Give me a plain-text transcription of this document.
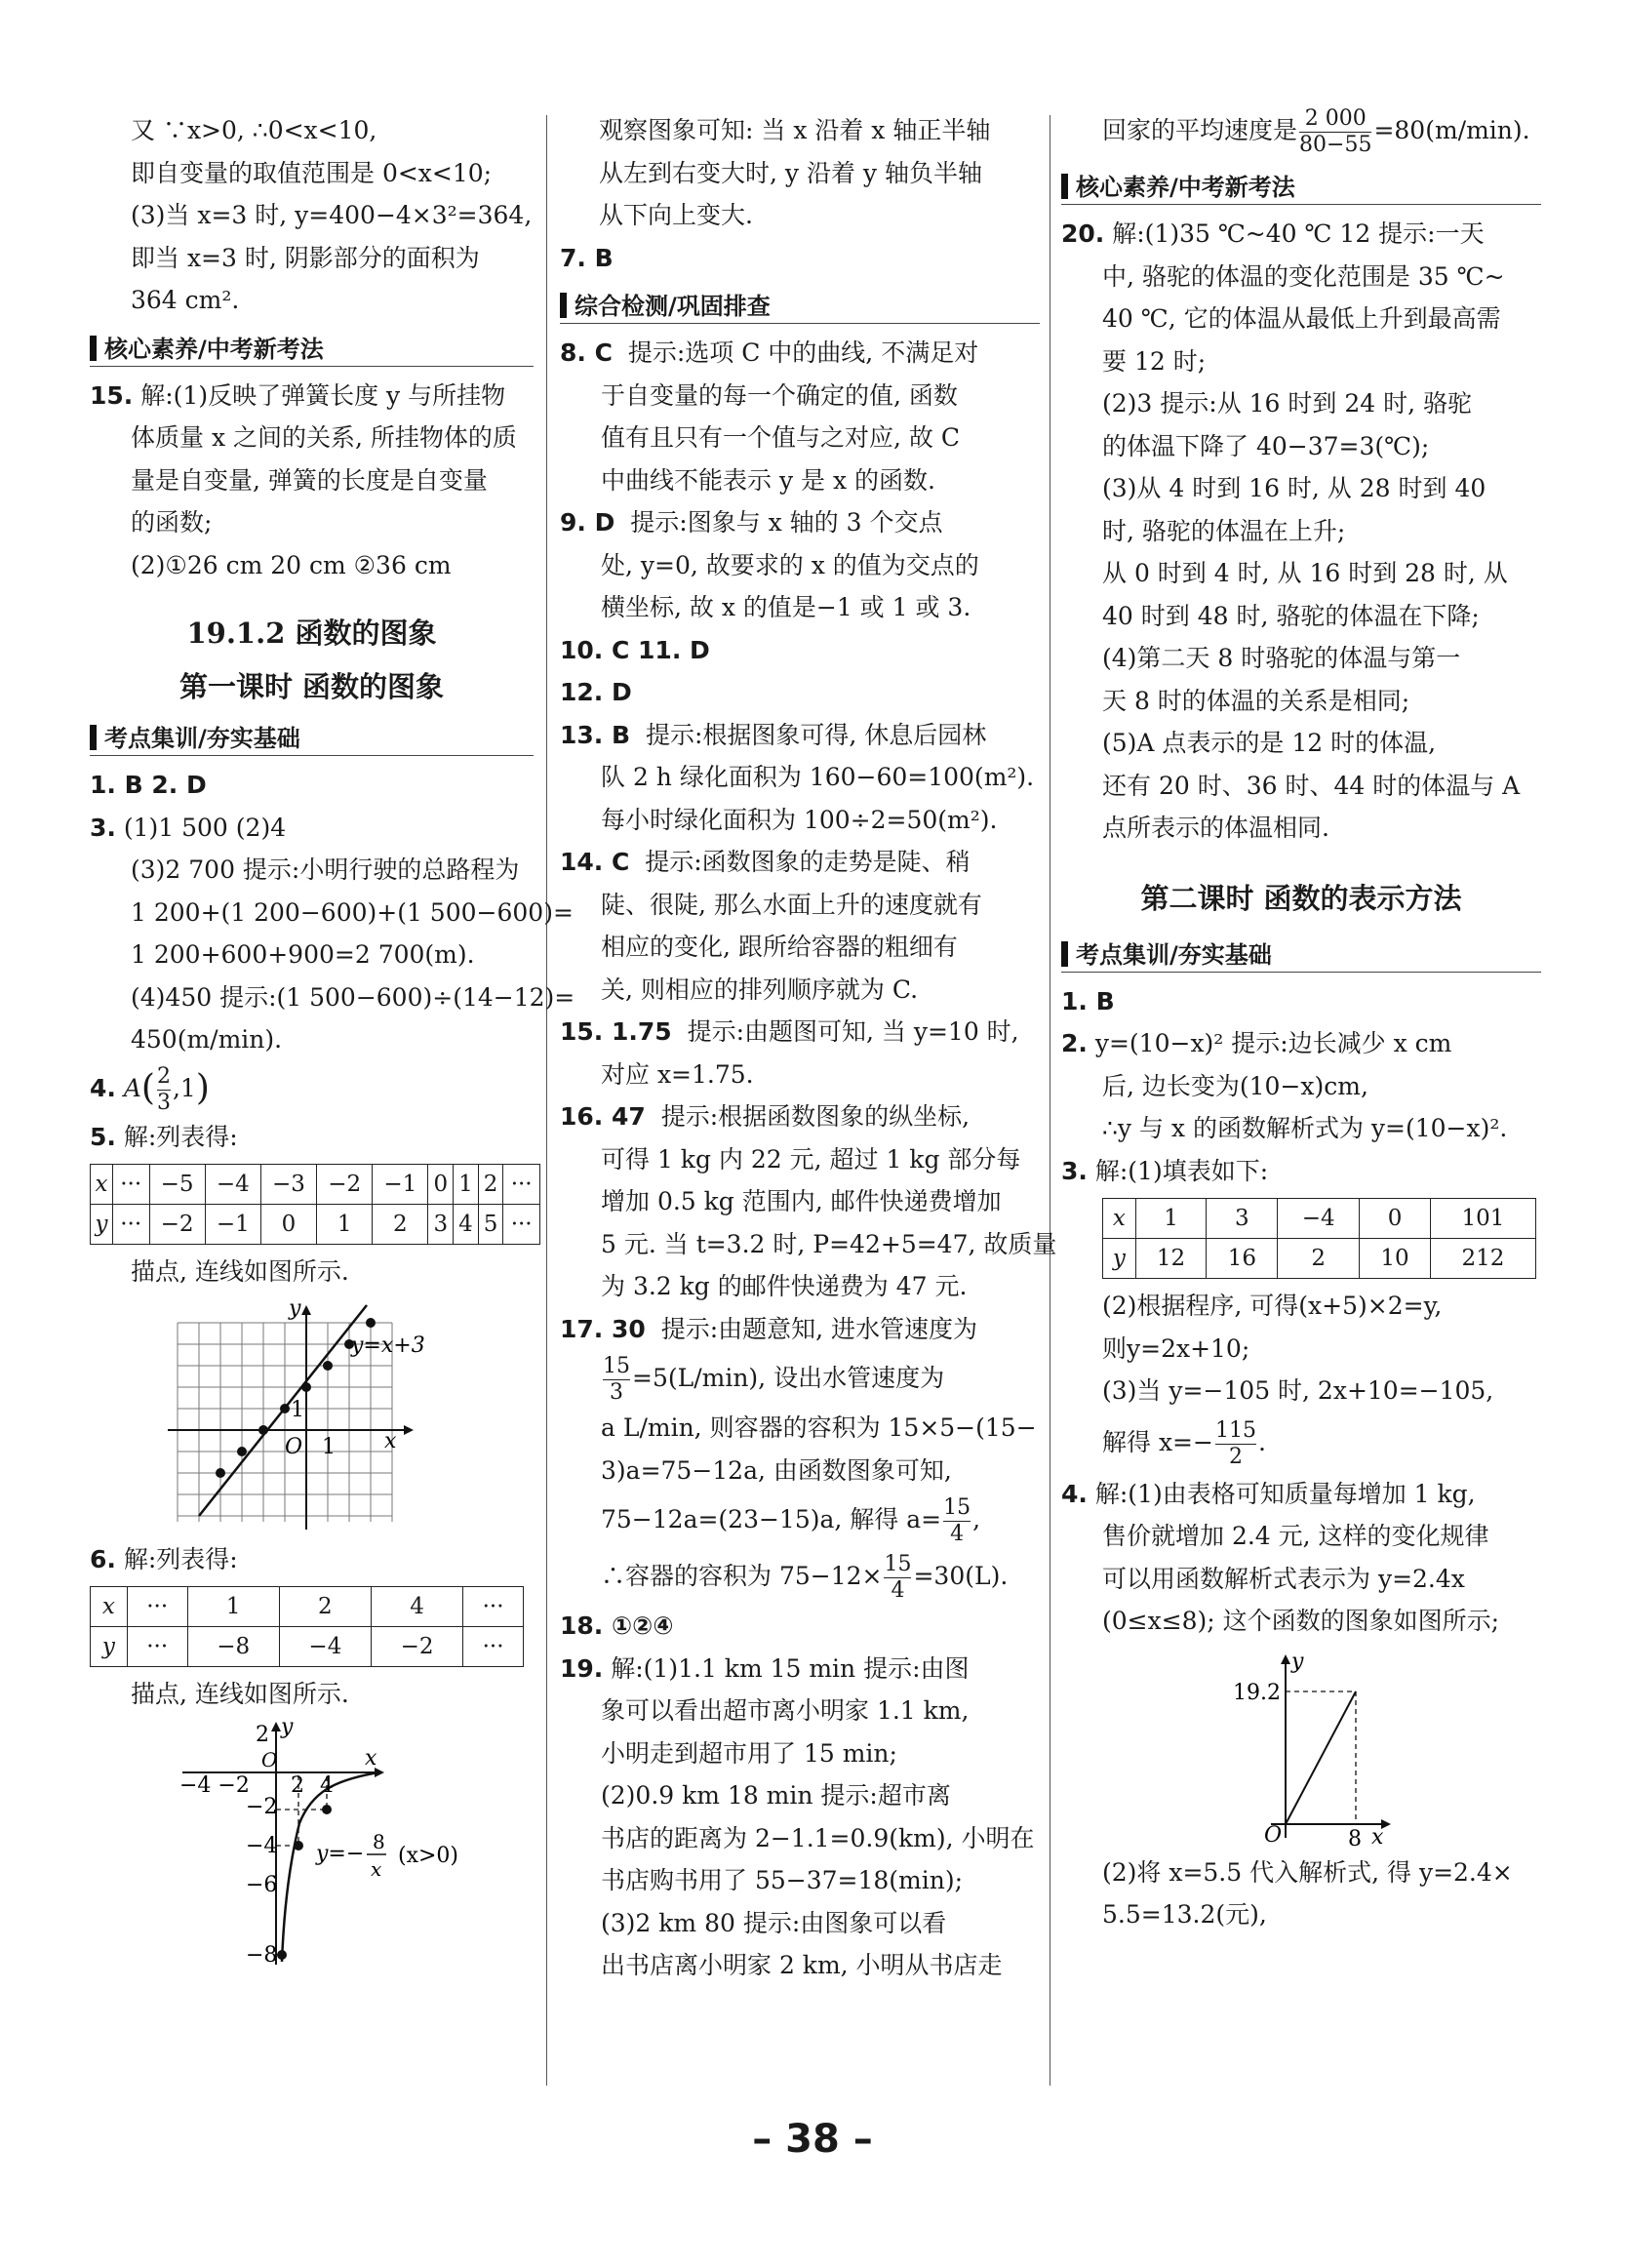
又 ∵x>0, ∴0<x<10,
即自变量的取值范围是 0<x<10;
(3)当 x=3 时, y=400−4×3²=364,
即当 x=3 时, 阴影部分的面积为
364 cm².
核心素养/中考新考法
15. 解:(1)反映了弹簧长度 y 与所挂物
体质量 x 之间的关系, 所挂物体的质
量是自变量, 弹簧的长度是自变量
的函数;
(2)①26 cm 20 cm ②36 cm
19.1.2 函数的图象
第一课时 函数的图象
考点集训/夯实基础
1. B 2. D
3. (1)1 500 (2)4
(3)2 700 提示:小明行驶的总路程为
1 200+(1 200−600)+(1 500−600)=
1 200+600+900=2 700(m).
(4)450 提示:(1 500−600)÷(14−12)=
450(m/min).
4. $A( \frac{2}{3} ,1)$
5. 解:列表得:
x	···	−5	−4	−3	−2	−1	0	1	2	···
y	···	−2	−1	0	1	2	3	4	5	···
描点, 连线如图所示.
y
x
O 1
1
y=x+3
6. 解:列表得:
x	···	1	2	4	···
y	···	−8	−4	−2	···
描点, 连线如图所示.
y
x
O
−4 −2 2 4
2
−2
−4
−6
−8
y=− 8
x
(x>0)
观察图象可知: 当 x 沿着 x 轴正半轴
从左到右变大时, y 沿着 y 轴负半轴
从下向上变大.
7. B
综合检测/巩固排查
8. C 提示:选项 C 中的曲线, 不满足对
于自变量的每一个确定的值, 函数
值有且只有一个值与之对应, 故 C
中曲线不能表示 y 是 x 的函数.
9. D 提示:图象与 x 轴的 3 个交点
处, y=0, 故要求的 x 的值为交点的
横坐标, 故 x 的值是−1 或 1 或 3.
10. C 11. D
12. D
13. B 提示:根据图象可得, 休息后园林
队 2 h 绿化面积为 160−60=100(m²).
每小时绿化面积为 100÷2=50(m²).
14. C 提示:函数图象的走势是陡、稍
陡、很陡, 那么水面上升的速度就有
相应的变化, 跟所给容器的粗细有
关, 则相应的排列顺序就为 C.
15. 1.75 提示:由题图可知, 当 y=10 时,
对应 x=1.75.
16. 47 提示:根据函数图象的纵坐标,
可得 1 kg 内 22 元, 超过 1 kg 部分每
增加 0.5 kg 范围内, 邮件快递费增加
5 元. 当 t=3.2 时, P=42+5=47, 故质量
为 3.2 kg 的邮件快递费为 47 元.
17. 30 提示:由题意知, 进水管速度为
$\frac{15}{3} =5(L/\min)$, 设出水管速度为
a L/min, 则容器的容积为 15×5−(15−
3)a=75−12a, 由函数图象可知,
75−12a=(23−15)a, 解得 $a= \frac{15}{4}$ ,
∴容器的容积为 $75-12\times \frac{15}{4} =30(L)$.
18. ①②④
19. 解:(1)1.1 km 15 min 提示:由图
象可以看出超市离小明家 1.1 km,
小明走到超市用了 15 min;
(2)0.9 km 18 min 提示:超市离
书店的距离为 2−1.1=0.9(km), 小明在
书店购书用了 55−37=18(min);
(3)2 km 80 提示:由图象可以看
出书店离小明家 2 km, 小明从书店走
回家的平均速度是 $\frac{2 000}{80-55} =80(m/\min)$.
核心素养/中考新考法
20. 解:(1)35 ℃~40 ℃ 12 提示:一天
中, 骆驼的体温的变化范围是 35 ℃~
40 ℃, 它的体温从最低上升到最高需
要 12 时;
(2)3 提示:从 16 时到 24 时, 骆驼
的体温下降了 40−37=3(℃);
(3)从 4 时到 16 时, 从 28 时到 40
时, 骆驼的体温在上升;
从 0 时到 4 时, 从 16 时到 28 时, 从
40 时到 48 时, 骆驼的体温在下降;
(4)第二天 8 时骆驼的体温与第一
天 8 时的体温的关系是相同;
(5)A 点表示的是 12 时的体温,
还有 20 时、36 时、44 时的体温与 A
点所表示的体温相同.
第二课时 函数的表示方法
考点集训/夯实基础
1. B
2. y=(10−x)² 提示:边长减少 x cm
后, 边长变为(10−x)cm,
∴y 与 x 的函数解析式为 y=(10−x)².
3. 解:(1)填表如下:
x	1	3	−4	0	101
y	12	16	2	10	212
(2)根据程序, 可得(x+5)×2=y,
则y=2x+10;
(3)当 y=−105 时, 2x+10=−105,
解得 $x=- \frac{115}{2}$ .
4. 解:(1)由表格可知质量每增加 1 kg,
售价就增加 2.4 元, 这样的变化规律
可以用函数解析式表示为 y=2.4x
(0≤x≤8); 这个函数的图象如图所示;
y
x
O
19.2
8
(2)将 x=5.5 代入解析式, 得 y=2.4×
5.5=13.2(元),
– 38 –
